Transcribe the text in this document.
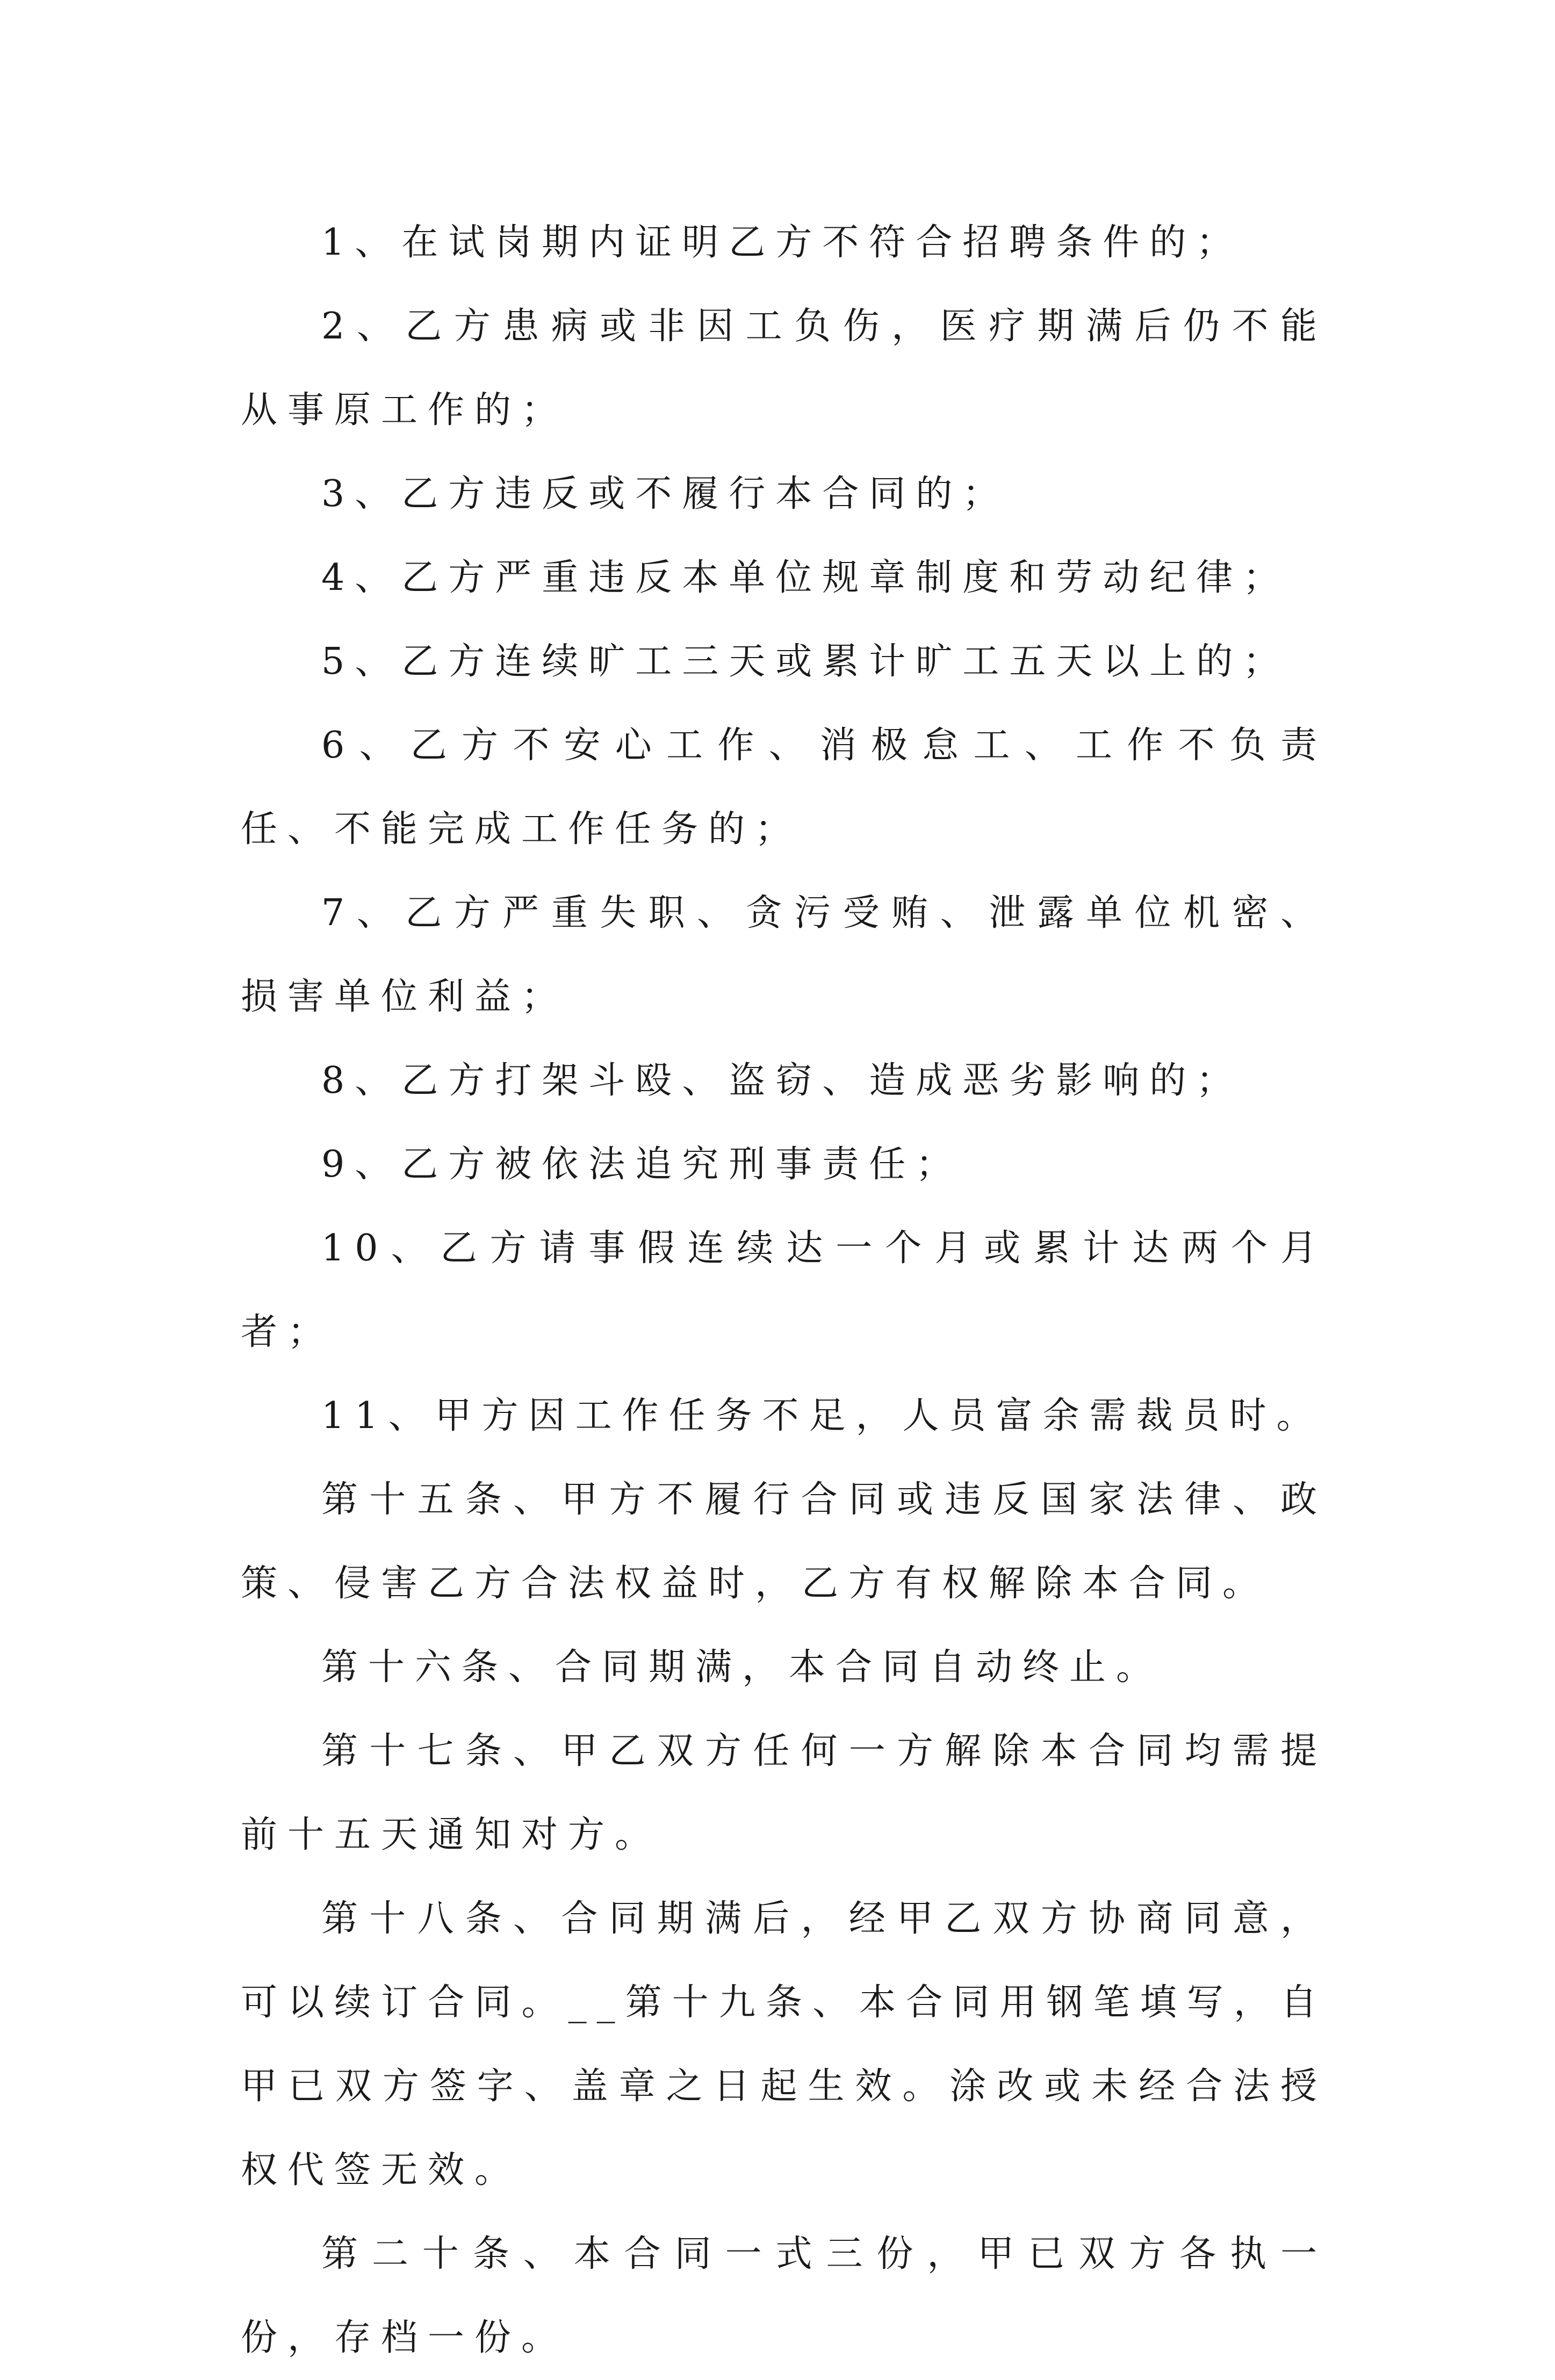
1、在试岗期内证明乙方不符合招聘条件的；

2、乙方患病或非因工负伤，医疗期满后仍不能从事原工作的；

3、乙方违反或不履行本合同的；

4、乙方严重违反本单位规章制度和劳动纪律；

5、乙方连续旷工三天或累计旷工五天以上的；

6、乙方不安心工作、消极怠工、工作不负责任、不能完成工作任务的；

7、乙方严重失职、贪污受贿、泄露单位机密、损害单位利益；

8、乙方打架斗殴、盗窃、造成恶劣影响的；

9、乙方被依法追究刑事责任；

10、乙方请事假连续达一个月或累计达两个月者；

11、甲方因工作任务不足，人员富余需裁员时。

第十五条、甲方不履行合同或违反国家法律、政策、侵害乙方合法权益时，乙方有权解除本合同。

第十六条、合同期满，本合同自动终止。

第十七条、甲乙双方任何一方解除本合同均需提前十五天通知对方。

第十八条、合同期满后，经甲乙双方协商同意，可以续订合同。__第十九条、本合同用钢笔填写，自甲已双方签字、盖章之日起生效。涂改或未经合法授权代签无效。

第二十条、本合同一式三份，甲已双方各执一份，存档一份。
